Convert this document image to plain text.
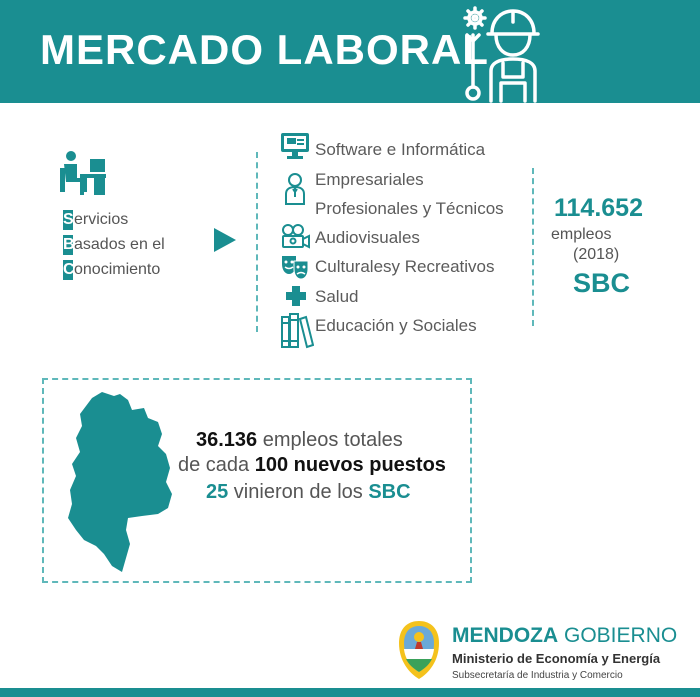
MERCADO LABORAL
Servicios
Basados en el
Conocimiento
Software e Informática
Empresariales
Profesionales y Técnicos
Audiovisuales
Culturalesy Recreativos
Salud
Educación y Sociales
114.652
empleos
(2018)
SBC
36.136 empleos totales
de cada 100 nuevos puestos
25 vinieron de los SBC
MENDOZA GOBIERNO
Ministerio de Economía y Energía
Subsecretaría de Industria y Comercio
